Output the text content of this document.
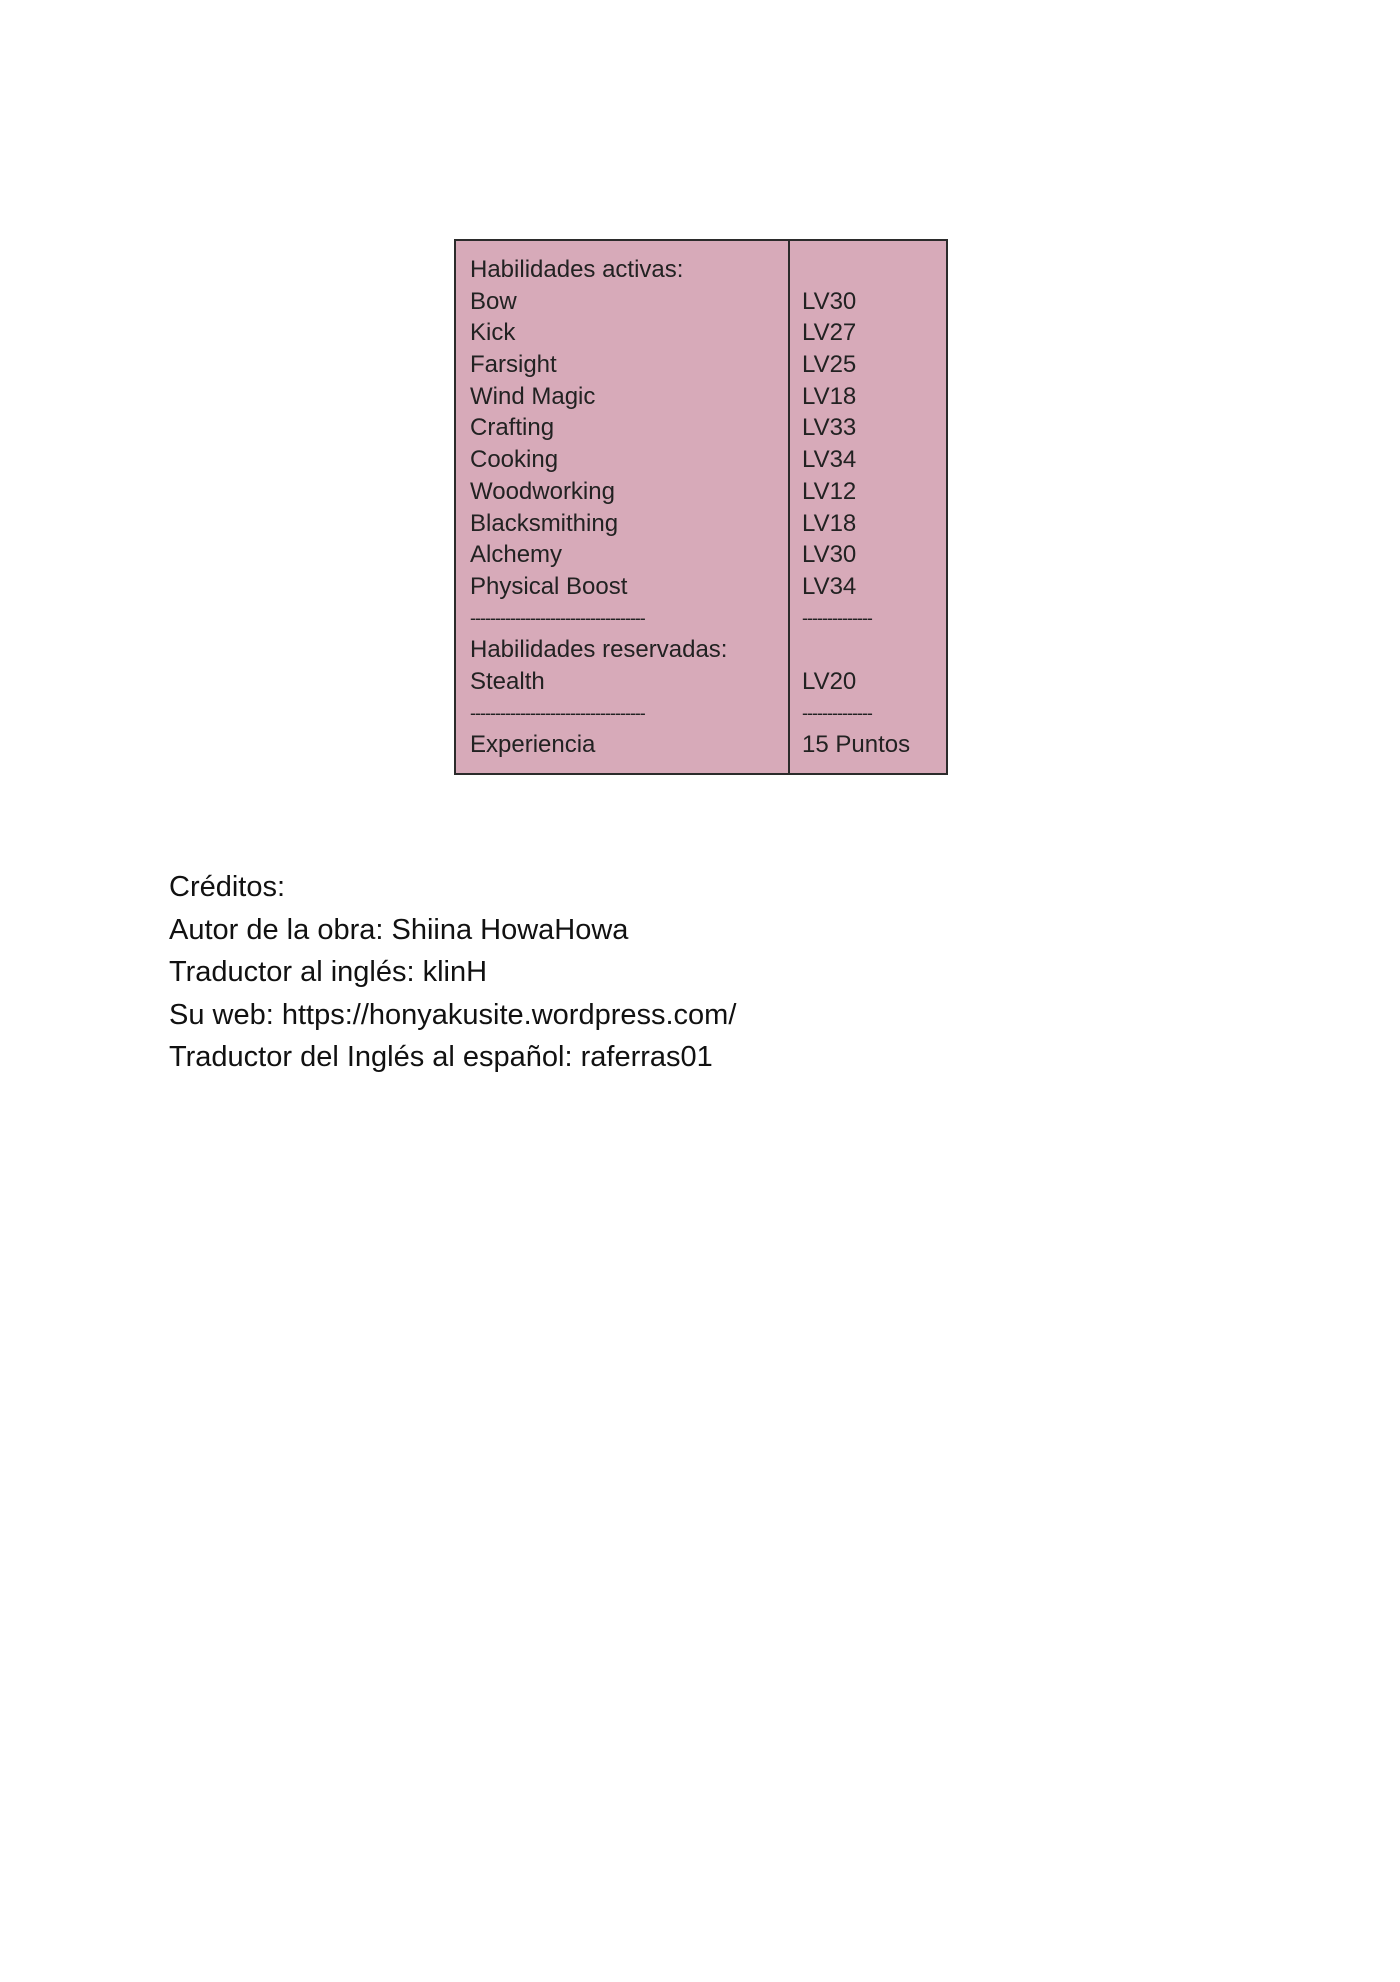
Habilidades activas:
Bow
Kick
Farsight
Wind Magic
Crafting
Cooking
Woodworking
Blacksmithing
Alchemy
Physical Boost
-----------------------------------
Habilidades reservadas:
Stealth
-----------------------------------
Experiencia
LV30
LV27
LV25
LV18
LV33
LV34
LV12
LV18
LV30
LV34
--------------
LV20
--------------
15 Puntos
Créditos:
Autor de la obra: Shiina HowaHowa
Traductor al inglés: klinH
Su web: https://honyakusite.wordpress.com/
Traductor del Inglés al español: raferras01
